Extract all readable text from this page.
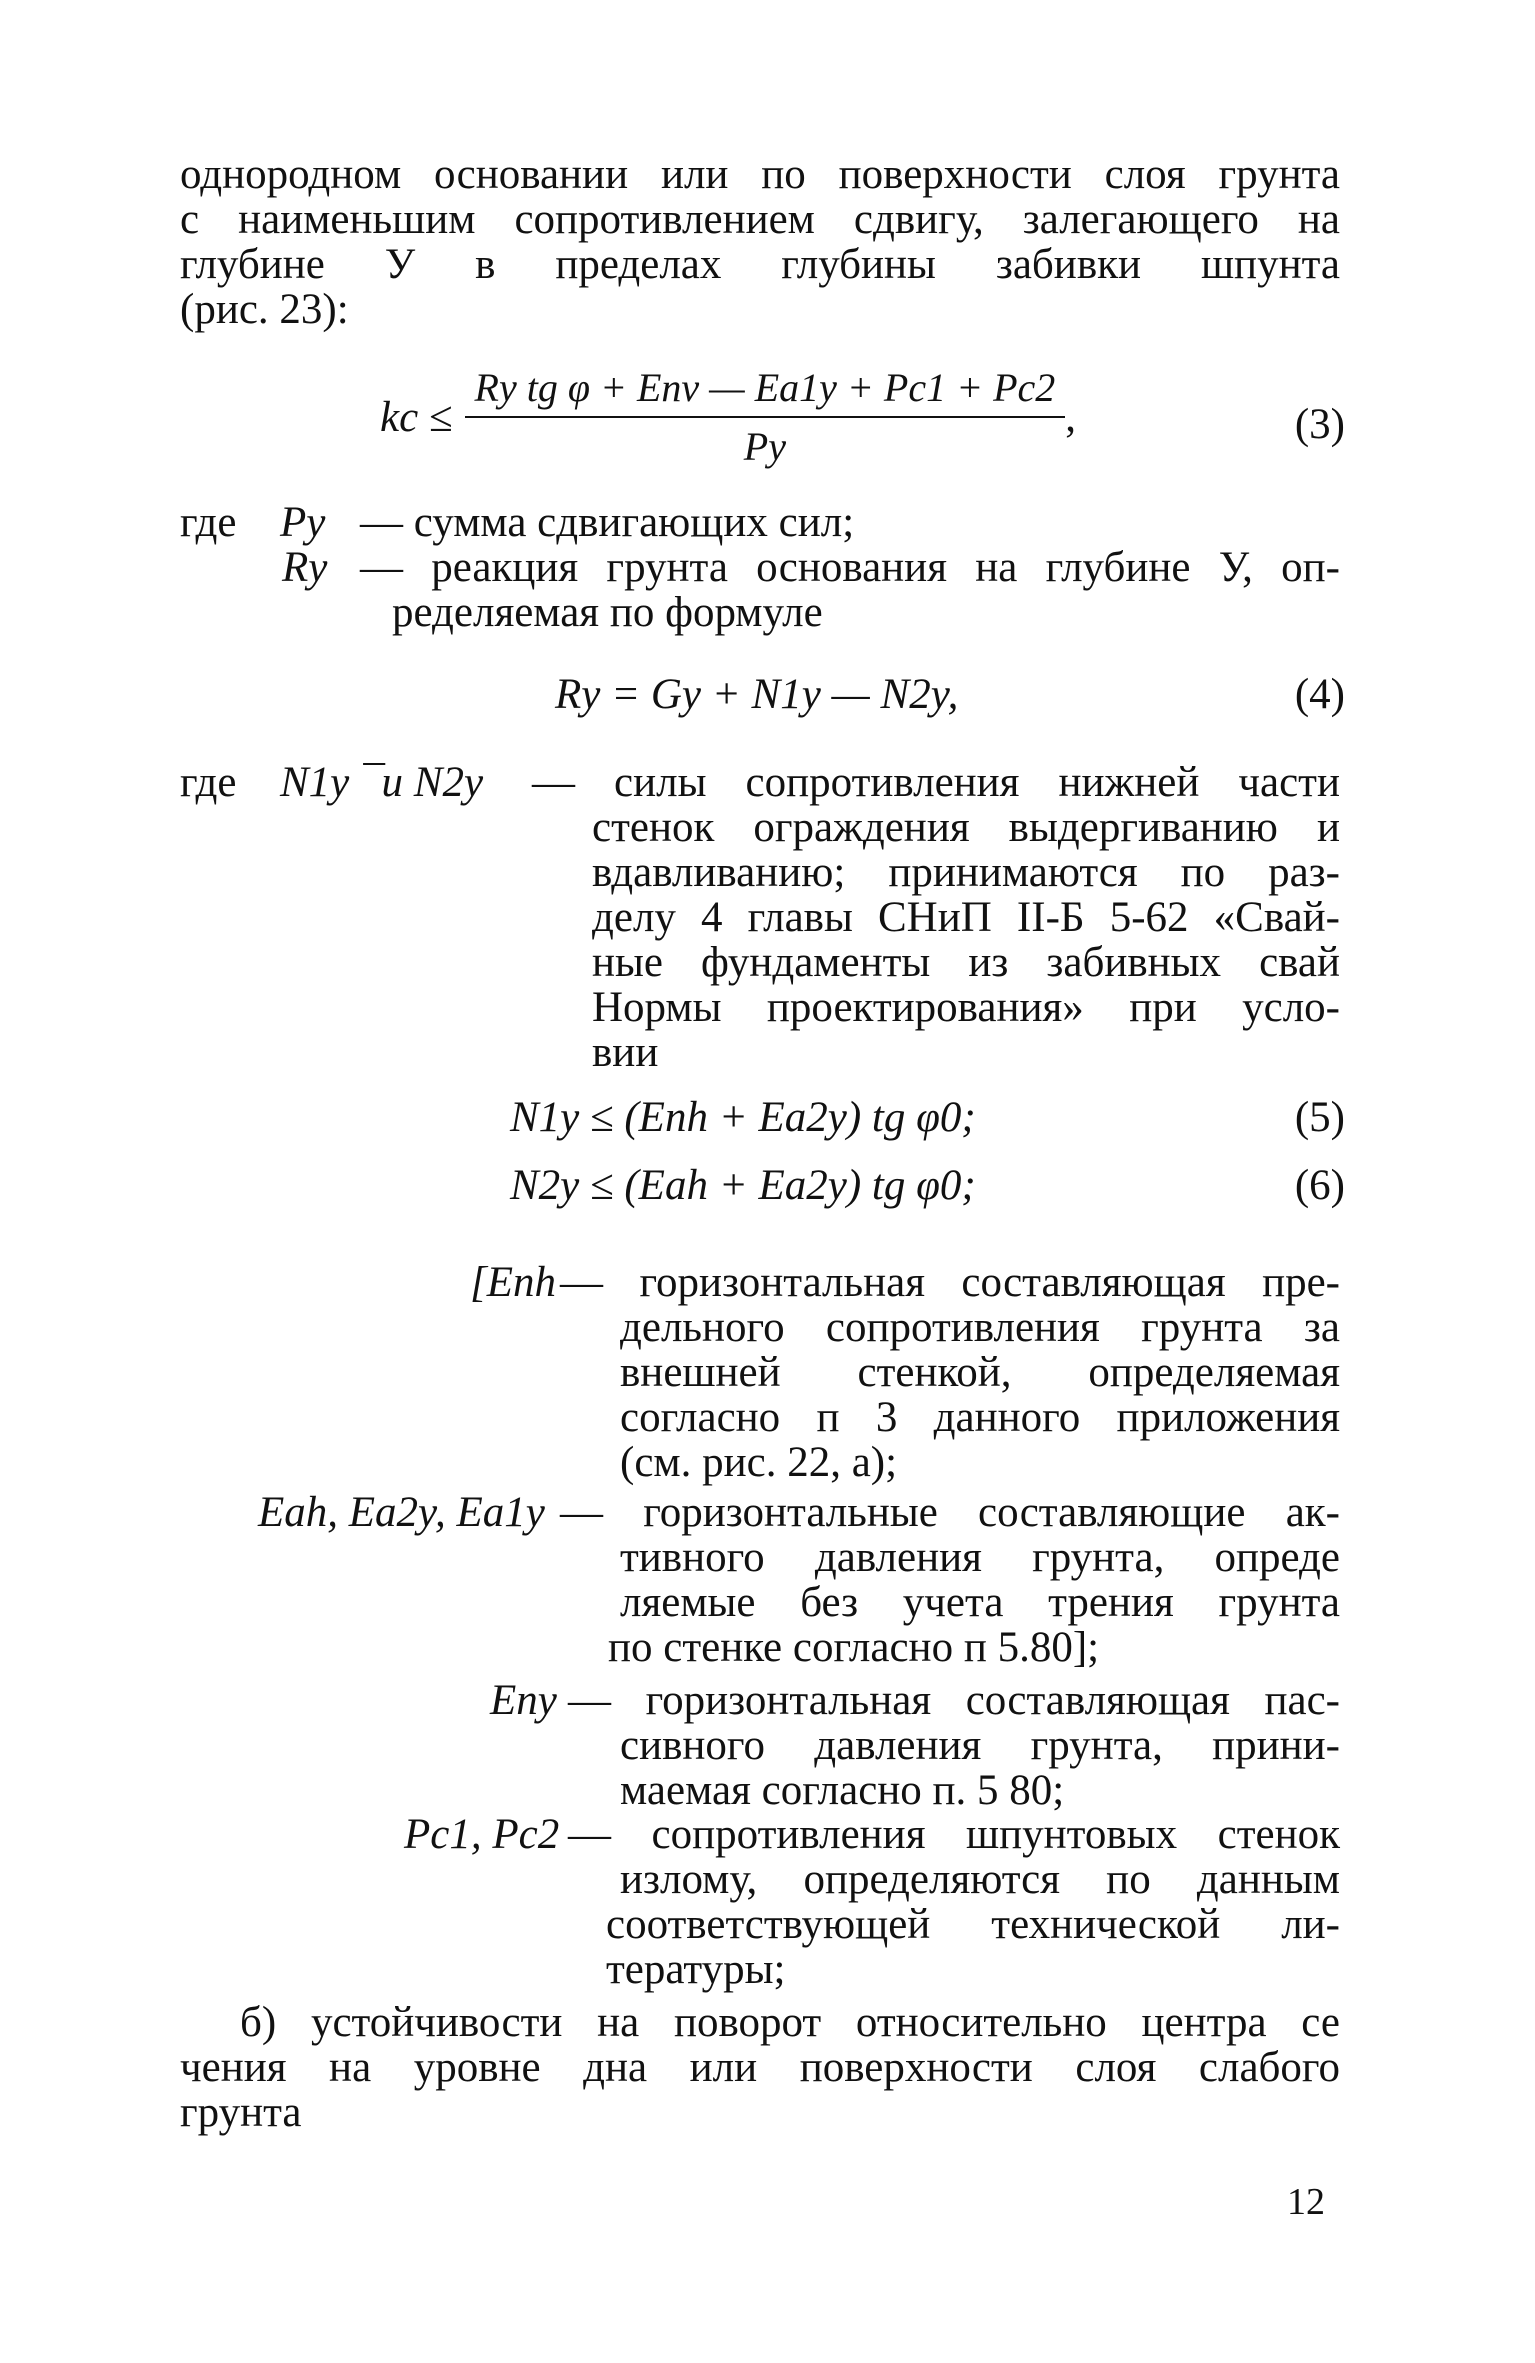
однородном основании или по поверхности слоя грунта
с наименьшим сопротивлением сдвигу, залегающего на
глубине У в пределах глубины забивки шпунта
(рис. 23):
kc ≤ $\frac{\text{Rу tg φ + Eпv — Ea1у + Pc1 + Pc2}}{Pу}$ ,	(3)
где Pу — сумма сдвигающих сил;
Rу — реакция грунта основания на глубине У, оп-
ределяемая по формуле
Rу = Gу + N1у — N2у,	(4)
где N1у ¯и N2у — силы сопротивления нижней части
стенок ограждения выдергиванию и
вдавливанию; принимаются по раз-
делу 4 главы СНиП II-Б 5-62 «Свай-
ные фундаменты из забивных свай
Нормы проектирования» при усло-
вии
N1у ≤ (Eпh + Ea2у) tg φ0;	(5)
N2у ≤ (Eah + Ea2у) tg φ0;	(6)
[Eпh — горизонтальная составляющая пре-
дельного сопротивления грунта за
внешней стенкой, определяемая
согласно п 3 данного приложения
(см. рис. 22, а);
Eah, Ea2у, Ea1у — горизонтальные составляющие ак-
тивного давления грунта, опреде
ляемые без учета трения грунта
по стенке согласно п 5.80];
Eпу — горизонтальная составляющая пас-
сивного давления грунта, прини-
маемая согласно п. 5 80;
Pc1, Pc2 — сопротивления шпунтовых стенок
излому, определяются по данным
соответствующей технической ли-
тературы;
б) устойчивости на поворот относительно центра се
чения на уровне дна или поверхности слоя слабого
грунта
12
